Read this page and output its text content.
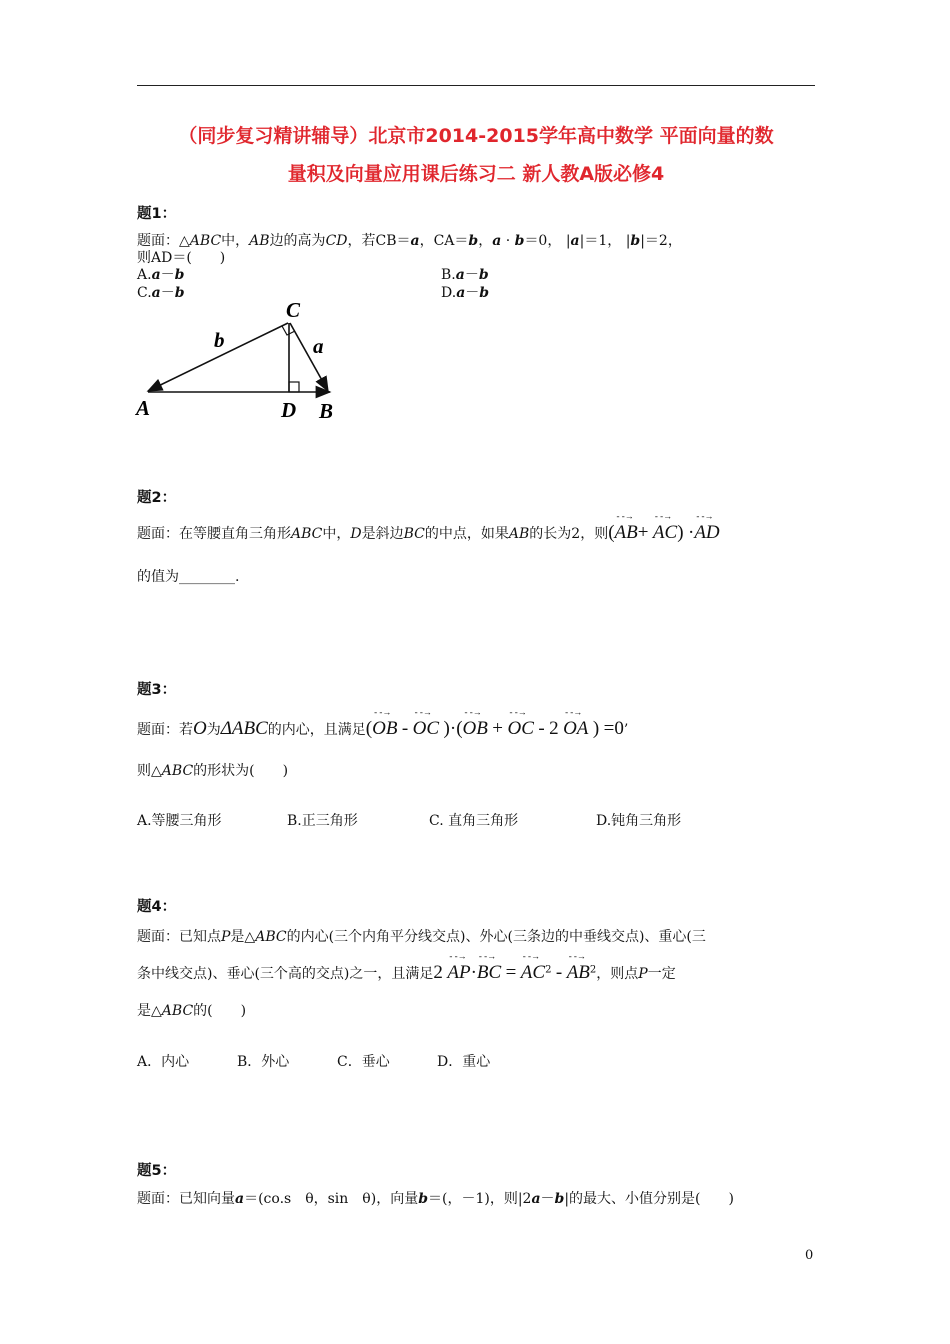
（同步复习精讲辅导）北京市2014-2015学年高中数学 平面向量的数
量积及向量应用课后练习二 新人教A版必修4
题1：
题面：△ABC中，AB边的高为CD，若CB＝a，CA＝b，a · b＝0， |a|＝1， |b|＝2，
则AD＝(　　)
A.a－b	B.a－b
C.a－b	D.a－b
C
b	a
A	D B
题2：
题面：在等腰直角三角形ABC中，D是斜边BC的中点，如果AB的长为2，则(- -→ AB+ - -→ AC) ·- -→ AD
的值为________.
题3：
题面：若O为ΔABC的内心，且满足(- -→ OB - - -→ OC )·(- -→ OB + - -→ OC - 2 - -→ OA ) =0’
则△ABC的形状为(　　)
A.等腰三角形	B.正三角形	C. 直角三角形	D.钝角三角形
题4：
题面：已知点P是△ABC的内心(三个内角平分线交点)、外心(三条边的中垂线交点)、重心(三
条中线交点)、垂心(三个高的交点)之一，且满足2 - -→ AP·- -→ BC = - -→ $AC^2$ - - -→ $AB^2$，则点P一定
是△ABC的(　　)
A．内心	B．外心	C．垂心	D．重心
题5：
题面：已知向量a＝(co.s　θ，sin　θ)，向量b＝(，－1)，则|2a－b|的最大、小值分别是(　　)
0
